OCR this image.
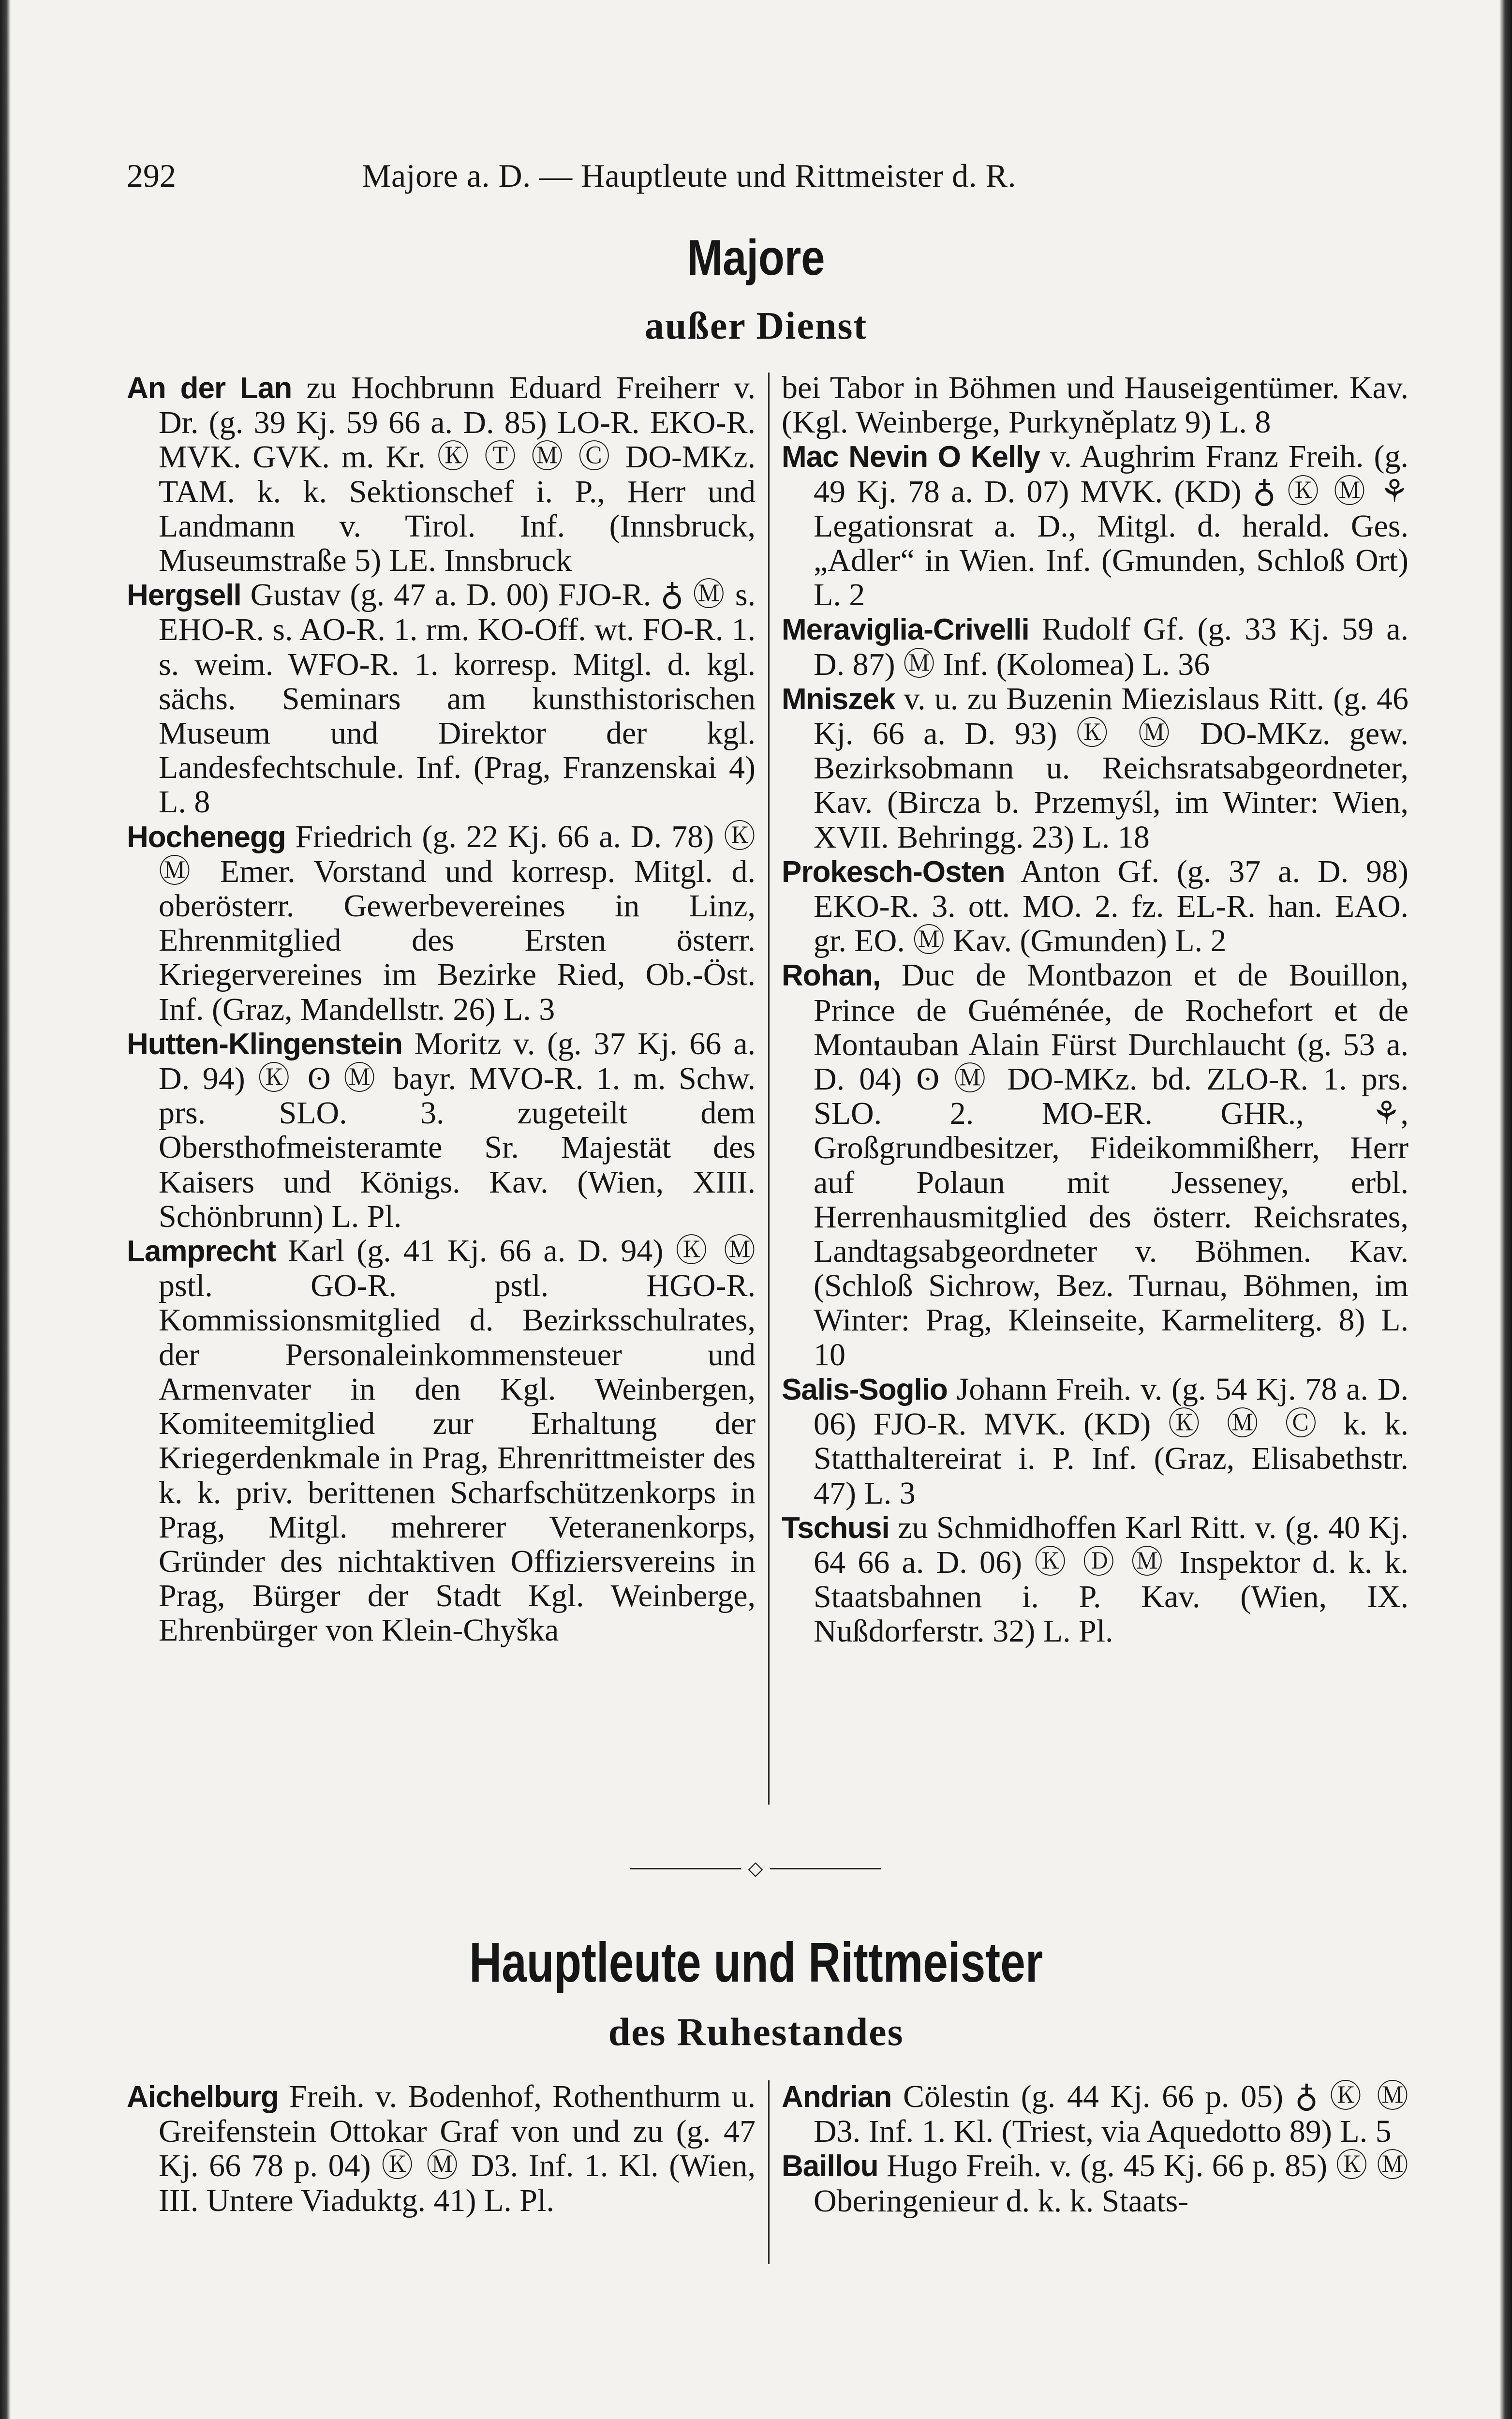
292	Majore a. D. — Hauptleute und Rittmeister d. R.
Majore
außer Dienst

An der Lan zu Hochbrunn Eduard Freiherr v. Dr. (g. 39 Kj. 59 66 a. D. 85) LO-R. EKO-R. MVK. GVK. m. Kr. Ⓚ Ⓣ Ⓜ Ⓒ DO-MKz. TAM. k. k. Sektionschef i. P., Herr und Landmann v. Tirol. Inf. (Innsbruck, Museumstraße 5) LE. Innsbruck

Hergsell Gustav (g. 47 a. D. 00) FJO-R. ♁ Ⓜ s. EHO-R. s. AO-R. 1. rm. KO-Off. wt. FO-R. 1. s. weim. WFO-R. 1. korresp. Mitgl. d. kgl. sächs. Seminars am kunsthistorischen Museum und Direktor der kgl. Landesfechtschule. Inf. (Prag, Franzenskai 4) L. 8

Hochenegg Friedrich (g. 22 Kj. 66 a. D. 78) Ⓚ Ⓜ Emer. Vorstand und korresp. Mitgl. d. oberösterr. Gewerbevereines in Linz, Ehrenmitglied des Ersten österr. Kriegervereines im Bezirke Ried, Ob.-Öst. Inf. (Graz, Mandellstr. 26) L. 3

Hutten-Klingenstein Moritz v. (g. 37 Kj. 66 a. D. 94) Ⓚ ʘ Ⓜ bayr. MVO-R. 1. m. Schw. prs. SLO. 3. zugeteilt dem Obersthofmeisteramte Sr. Majestät des Kaisers und Königs. Kav. (Wien, XIII. Schönbrunn) L. Pl.

Lamprecht Karl (g. 41 Kj. 66 a. D. 94) Ⓚ Ⓜ pstl. GO-R. pstl. HGO-R. Kommissionsmitglied d. Bezirksschulrates, der Personaleinkommensteuer und Armenvater in den Kgl. Weinbergen, Komiteemitglied zur Erhaltung der Kriegerdenkmale in Prag, Ehrenrittmeister des k. k. priv. berittenen Scharfschützenkorps in Prag, Mitgl. mehrerer Veteranenkorps, Gründer des nichtaktiven Offiziersvereins in Prag, Bürger der Stadt Kgl. Weinberge, Ehrenbürger von Klein-Chyška

bei Tabor in Böhmen und Hauseigentümer. Kav. (Kgl. Weinberge, Purkyněplatz 9) L. 8

Mac Nevin O Kelly v. Aughrim Franz Freih. (g. 49 Kj. 78 a. D. 07) MVK. (KD) ♁ Ⓚ Ⓜ ⚘ Legationsrat a. D., Mitgl. d. herald. Ges. „Adler“ in Wien. Inf. (Gmunden, Schloß Ort) L. 2

Meraviglia-Crivelli Rudolf Gf. (g. 33 Kj. 59 a. D. 87) Ⓜ Inf. (Kolomea) L. 36

Mniszek v. u. zu Buzenin Miezislaus Ritt. (g. 46 Kj. 66 a. D. 93) Ⓚ Ⓜ DO-MKz. gew. Bezirksobmann u. Reichsratsabgeordneter, Kav. (Bircza b. Przemyśl, im Winter: Wien, XVII. Behringg. 23) L. 18

Prokesch-Osten Anton Gf. (g. 37 a. D. 98) EKO-R. 3. ott. MO. 2. fz. EL-R. han. EAO. gr. EO. Ⓜ Kav. (Gmunden) L. 2

Rohan, Duc de Montbazon et de Bouillon, Prince de Guéménée, de Rochefort et de Montauban Alain Fürst Durchlaucht (g. 53 a. D. 04) ʘ Ⓜ DO-MKz. bd. ZLO-R. 1. prs. SLO. 2. MO-ER. GHR., ⚘, Großgrundbesitzer, Fideikommißherr, Herr auf Polaun mit Jesseney, erbl. Herrenhausmitglied des österr. Reichsrates, Landtagsabgeordneter v. Böhmen. Kav. (Schloß Sichrow, Bez. Turnau, Böhmen, im Winter: Prag, Kleinseite, Karmeliterg. 8) L. 10

Salis-Soglio Johann Freih. v. (g. 54 Kj. 78 a. D. 06) FJO-R. MVK. (KD) Ⓚ Ⓜ Ⓒ k. k. Statthaltereirat i. P. Inf. (Graz, Elisabethstr. 47) L. 3

Tschusi zu Schmidhoffen Karl Ritt. v. (g. 40 Kj. 64 66 a. D. 06) Ⓚ Ⓓ Ⓜ Inspektor d. k. k. Staatsbahnen i. P. Kav. (Wien, IX. Nußdorferstr. 32) L. Pl.

◇
Hauptleute und Rittmeister
des Ruhestandes

Aichelburg Freih. v. Bodenhof, Rothenthurm u. Greifenstein Ottokar Graf von und zu (g. 47 Kj. 66 78 p. 04) Ⓚ Ⓜ D3. Inf. 1. Kl. (Wien, III. Untere Viaduktg. 41) L. Pl.

Andrian Cölestin (g. 44 Kj. 66 p. 05) ♁ Ⓚ Ⓜ D3. Inf. 1. Kl. (Triest, via Aquedotto 89) L. 5

Baillou Hugo Freih. v. (g. 45 Kj. 66 p. 85) Ⓚ Ⓜ Oberingenieur d. k. k. Staats-
